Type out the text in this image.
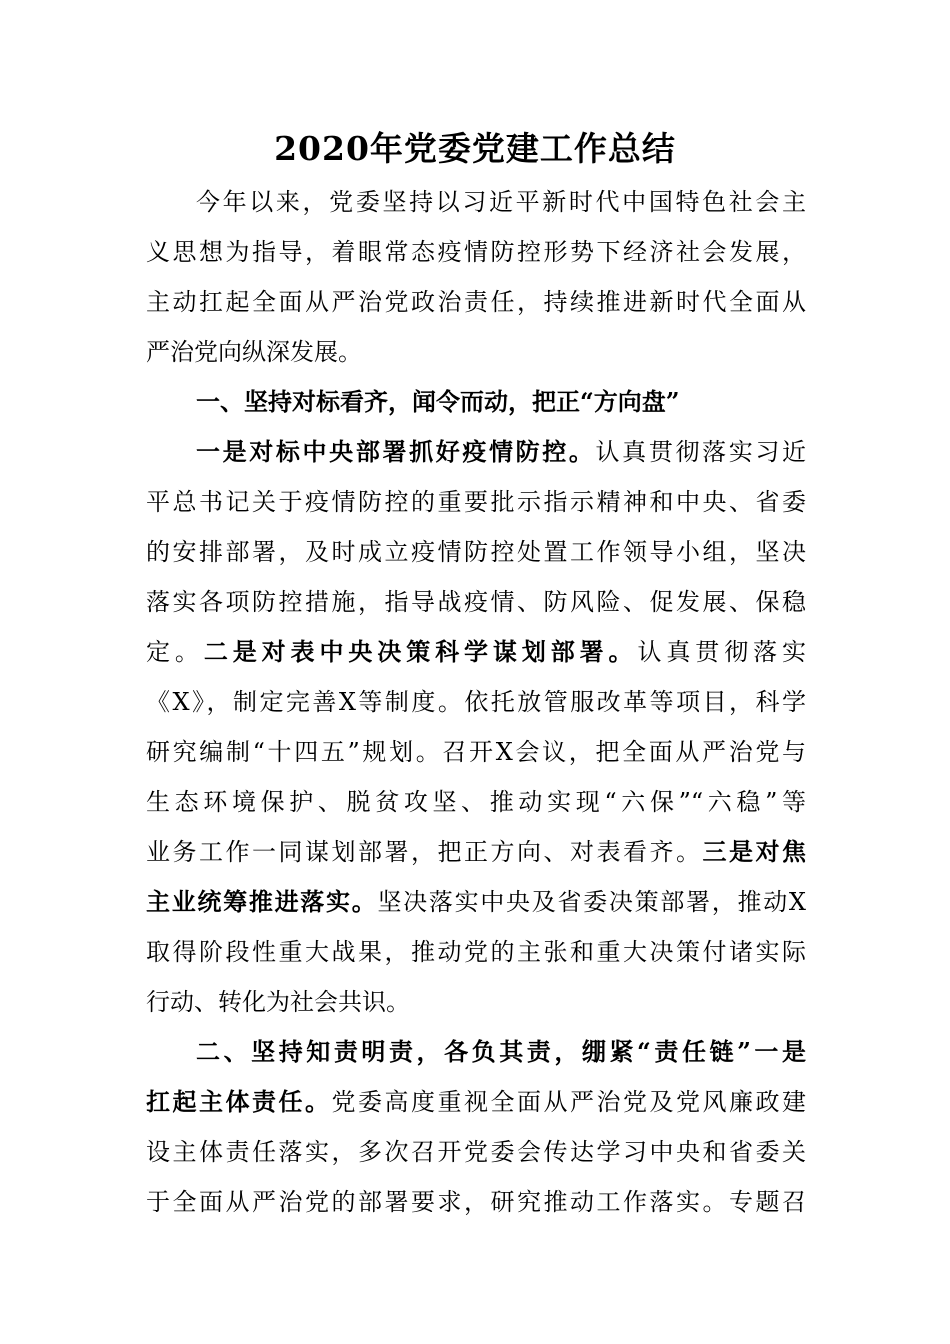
2020年党委党建工作总结
今年以来，党委坚持以习近平新时代中国特色社会主
义思想为指导，着眼常态疫情防控形势下经济社会发展，
主动扛起全面从严治党政治责任，持续推进新时代全面从
严治党向纵深发展。
一、坚持对标看齐，闻令而动，把正“方向盘”
一是对标中央部署抓好疫情防控。认真贯彻落实习近
平总书记关于疫情防控的重要批示指示精神和中央、省委
的安排部署，及时成立疫情防控处置工作领导小组，坚决
落实各项防控措施，指导战疫情、防风险、促发展、保稳
定。二是对表中央决策科学谋划部署。认真贯彻落实
《X》，制定完善X等制度。依托放管服改革等项目，科学
研究编制“十四五”规划。召开X会议，把全面从严治党与
生态环境保护、脱贫攻坚、推动实现“六保”“六稳”等
业务工作一同谋划部署，把正方向、对表看齐。三是对焦
主业统筹推进落实。坚决落实中央及省委决策部署，推动X
取得阶段性重大战果，推动党的主张和重大决策付诸实际
行动、转化为社会共识。
二、坚持知责明责，各负其责，绷紧“责任链”一是
扛起主体责任。党委高度重视全面从严治党及党风廉政建
设主体责任落实，多次召开党委会传达学习中央和省委关
于全面从严治党的部署要求，研究推动工作落实。专题召
